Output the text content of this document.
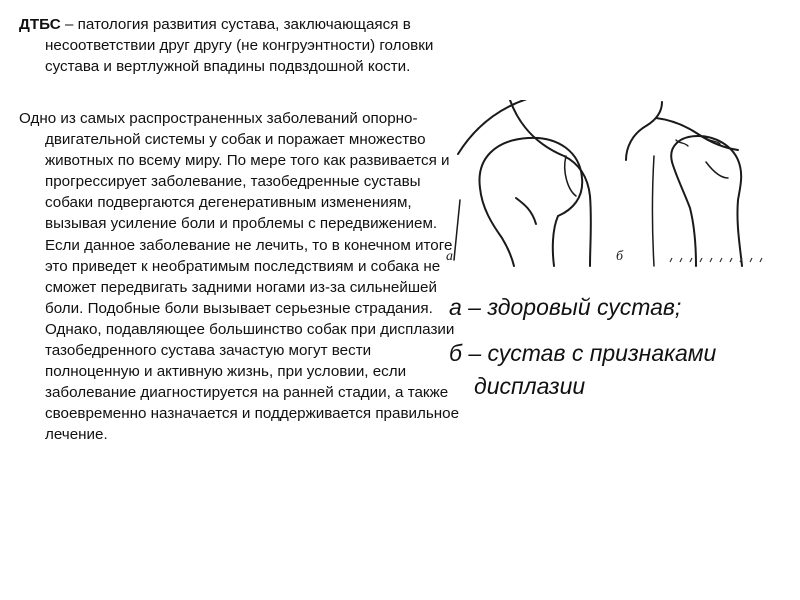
ДТБС – патология развития сустава, заключающаяся в несоответствии друг другу (не конгруэнтности) головки сустава и вертлужной впадины подвздошной кости.

Одно из самых распространенных заболеваний опорно-двигательной системы у собак и поражает множество животных по всему миру. По мере того как развивается и прогрессирует заболевание, тазобедренные суставы собаки подвергаются дегенеративным изменениям, вызывая усиление боли и проблемы с передвижением. Если данное заболевание не лечить, то в конечном итоге это приведет к необратимым последствиям и собака не сможет передвигать задними ногами из-за сильнейшей боли. Подобные боли вызывает серьезные страдания. Однако, подавляющее большинство собак при дисплазии тазобедренного сустава зачастую могут вести полноценную и активную жизнь, при условии, если заболевание диагностируется на ранней стадии, а также своевременно назначается и поддерживается правильное лечение.

а	б

а – здоровый сустав;

б – сустав с признаками дисплазии
